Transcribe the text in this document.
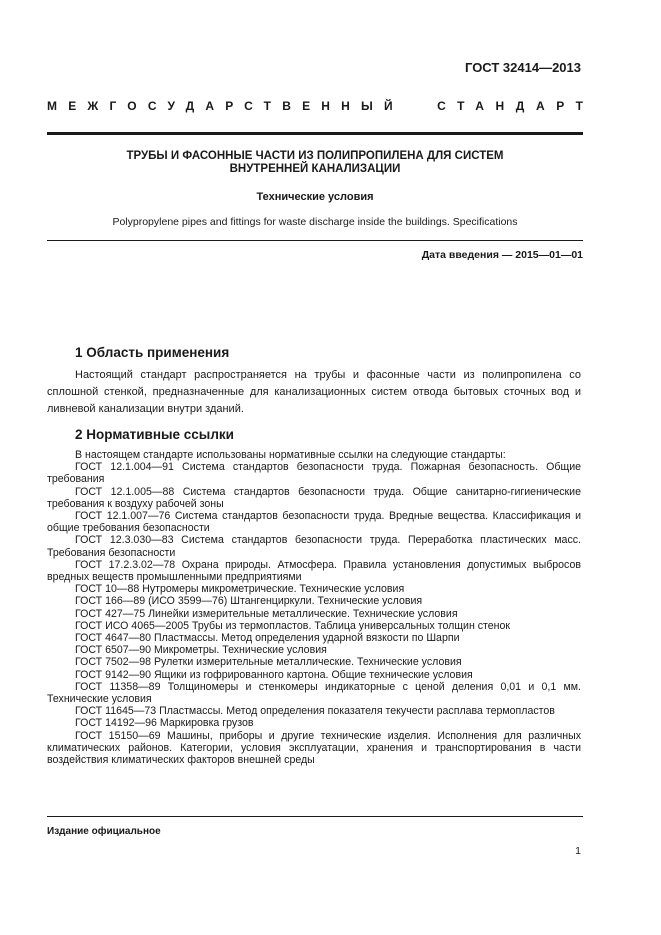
ГОСТ 32414—2013
МЕЖГОСУДАРСТВЕННЫЙ	СТАНДАРТ
ТРУБЫ И ФАСОННЫЕ ЧАСТИ ИЗ ПОЛИПРОПИЛЕНА ДЛЯ СИСТЕМ
ВНУТРЕННЕЙ КАНАЛИЗАЦИИ
Технические условия
Polypropylene pipes and fittings for waste discharge inside the buildings. Specifications
Дата введения — 2015—01—01
1 Область применения

Настоящий стандарт распространяется на трубы и фасонные части из полипропилена со сплошной стенкой, предназначенные для канализационных систем отвода бытовых сточных вод и ливневой канализации внутри зданий.

2 Нормативные ссылки

В настоящем стандарте использованы нормативные ссылки на следующие стандарты:

ГОСТ 12.1.004—91 Система стандартов безопасности труда. Пожарная безопасность. Общие требования

ГОСТ 12.1.005—88 Система стандартов безопасности труда. Общие санитарно-гигиенические требования к воздуху рабочей зоны

ГОСТ 12.1.007—76 Система стандартов безопасности труда. Вредные вещества. Классификация и общие требования безопасности

ГОСТ 12.3.030—83 Система стандартов безопасности труда. Переработка пластических масс. Требования безопасности

ГОСТ 17.2.3.02—78 Охрана природы. Атмосфера. Правила установления допустимых выбросов вредных веществ промышленными предприятиями

ГОСТ 10—88 Нутромеры микрометрические. Технические условия

ГОСТ 166—89 (ИСО 3599—76) Штангенциркули. Технические условия

ГОСТ 427—75 Линейки измерительные металлические. Технические условия

ГОСТ ИСО 4065—2005 Трубы из термопластов. Таблица универсальных толщин стенок

ГОСТ 4647—80 Пластмассы. Метод определения ударной вязкости по Шарпи

ГОСТ 6507—90 Микрометры. Технические условия

ГОСТ 7502—98 Рулетки измерительные металлические. Технические условия

ГОСТ 9142—90 Ящики из гофрированного картона. Общие технические условия

ГОСТ 11358—89 Толщиномеры и стенкомеры индикаторные с ценой деления 0,01 и 0,1 мм. Технические условия

ГОСТ 11645—73 Пластмассы. Метод определения показателя текучести расплава термопластов

ГОСТ 14192—96 Маркировка грузов

ГОСТ 15150—69 Машины, приборы и другие технические изделия. Исполнения для различных климатических районов. Категории, условия эксплуатации, хранения и транспортирования в части воздействия климатических факторов внешней среды

Издание официальное
1
